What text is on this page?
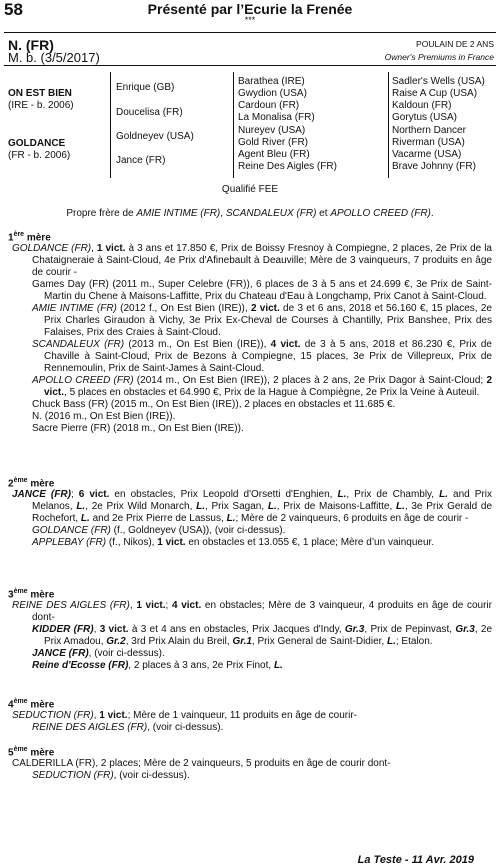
58	Présenté par l’Ecurie la Frenée
***
N. (FR)
M. b. (3/5/2017)
POULAIN DE 2 ANS
Owner's Premiums in France
ON EST BIEN
(IRE - b. 2006)
GOLDANCE
(FR - b. 2006)
Enrique (GB)
Doucelisa (FR)
Goldneyev (USA)
Jance (FR)
Barathea (IRE)
Gwydion (USA)
Cardoun (FR)
La Monalisa (FR)
Nureyev (USA)
Gold River (FR)
Agent Bleu (FR)
Reine Des Aigles (FR)
Sadler's Wells (USA)
Raise A Cup (USA)
Kaldoun (FR)
Gorytus (USA)
Northern Dancer
Riverman (USA)
Vacarme (USA)
Brave Johnny (FR)
Qualifié FEE
Propre frère de AMIE INTIME (FR), SCANDALEUX (FR) et APOLLO CREED (FR).
1ère mère

GOLDANCE (FR), 1 vict. à 3 ans et 17.850 €, Prix de Boissy Fresnoy à Compiegne, 2 places, 2e Prix de la Chataigneraie à Saint-Cloud, 4e Prix d'Afinebault à Deauville; Mère de 3 vainqueurs, 7 produits en âge de courir -

Games Day (FR) (2011 m., Super Celebre (FR)), 6 places de 3 à 5 ans et 24.699 €, 3e Prix de Saint-Martin du Chene à Maisons-Laffitte, Prix du Chateau d'Eau à Longchamp, Prix Canot à Saint-Cloud.

AMIE INTIME (FR) (2012 f., On Est Bien (IRE)), 2 vict. de 3 et 6 ans, 2018 et 56.160 €, 15 places, 2e Prix Charles Giraudon à Vichy, 3e Prix Ex-Cheval de Courses à Chantilly, Prix Banshee, Prix des Falaises, Prix des Craies à Saint-Cloud.

SCANDALEUX (FR) (2013 m., On Est Bien (IRE)), 4 vict. de 3 à 5 ans, 2018 et 86.230 €, Prix de Chaville à Saint-Cloud, Prix de Bezons à Compiegne, 15 places, 3e Prix de Villepreux, Prix de Rennemoulin, Prix de Saint-James à Saint-Cloud.

APOLLO CREED (FR) (2014 m., On Est Bien (IRE)), 2 places à 2 ans, 2e Prix Dagor à Saint-Cloud; 2 vict., 5 places en obstacles et 64.990 €, Prix de la Hague à Compiègne, 2e Prix la Veine à Auteuil.

Chuck Bass (FR) (2015 m., On Est Bien (IRE)), 2 places en obstacles et 11.685 €.

N. (2016 m., On Est Bien (IRE)).

Sacre Pierre (FR) (2018 m., On Est Bien (IRE)).

2ème mère

JANCE (FR); 6 vict. en obstacles, Prix Leopold d'Orsetti d'Enghien, L., Prix de Chambly, L. and Prix Melanos, L., 2e Prix Wild Monarch, L., Prix Sagan, L., Prix de Maisons-Laffitte, L., 3e Prix Gerald de Rochefort, L. and 2e Prix Pierre de Lassus, L.; Mère de 2 vainqueurs, 6 produits en âge de courir -

GOLDANCE (FR) (f., Goldneyev (USA)), (voir ci-dessus).

APPLEBAY (FR) (f., Nikos), 1 vict. en obstacles et 13.055 €, 1 place; Mère d’un vainqueur.

3ème mère

REINE DES AIGLES (FR), 1 vict.; 4 vict. en obstacles; Mère de 3 vainqueur, 4 produits en âge de courir dont-

KIDDER (FR), 3 vict. à 3 et 4 ans en obstacles, Prix Jacques d'Indy, Gr.3, Prix de Pepinvast, Gr.3, 2e Prix Amadou, Gr.2, 3rd Prix Alain du Breil, Gr.1, Prix General de Saint-Didier, L.; Etalon.

JANCE (FR), (voir ci-dessus).

Reine d'Ecosse (FR), 2 places à 3 ans, 2e Prix Finot, L.

4ème mère

SEDUCTION (FR), 1 vict.; Mère de 1 vainqueur, 11 produits en âge de courir-

REINE DES AIGLES (FR), (voir ci-dessus).

5ème mère

CALDERILLA (FR), 2 places; Mère de 2 vainqueurs, 5 produits en âge de courir dont-

SEDUCTION (FR), (voir ci-dessus).

La Teste - 11 Avr. 2019
